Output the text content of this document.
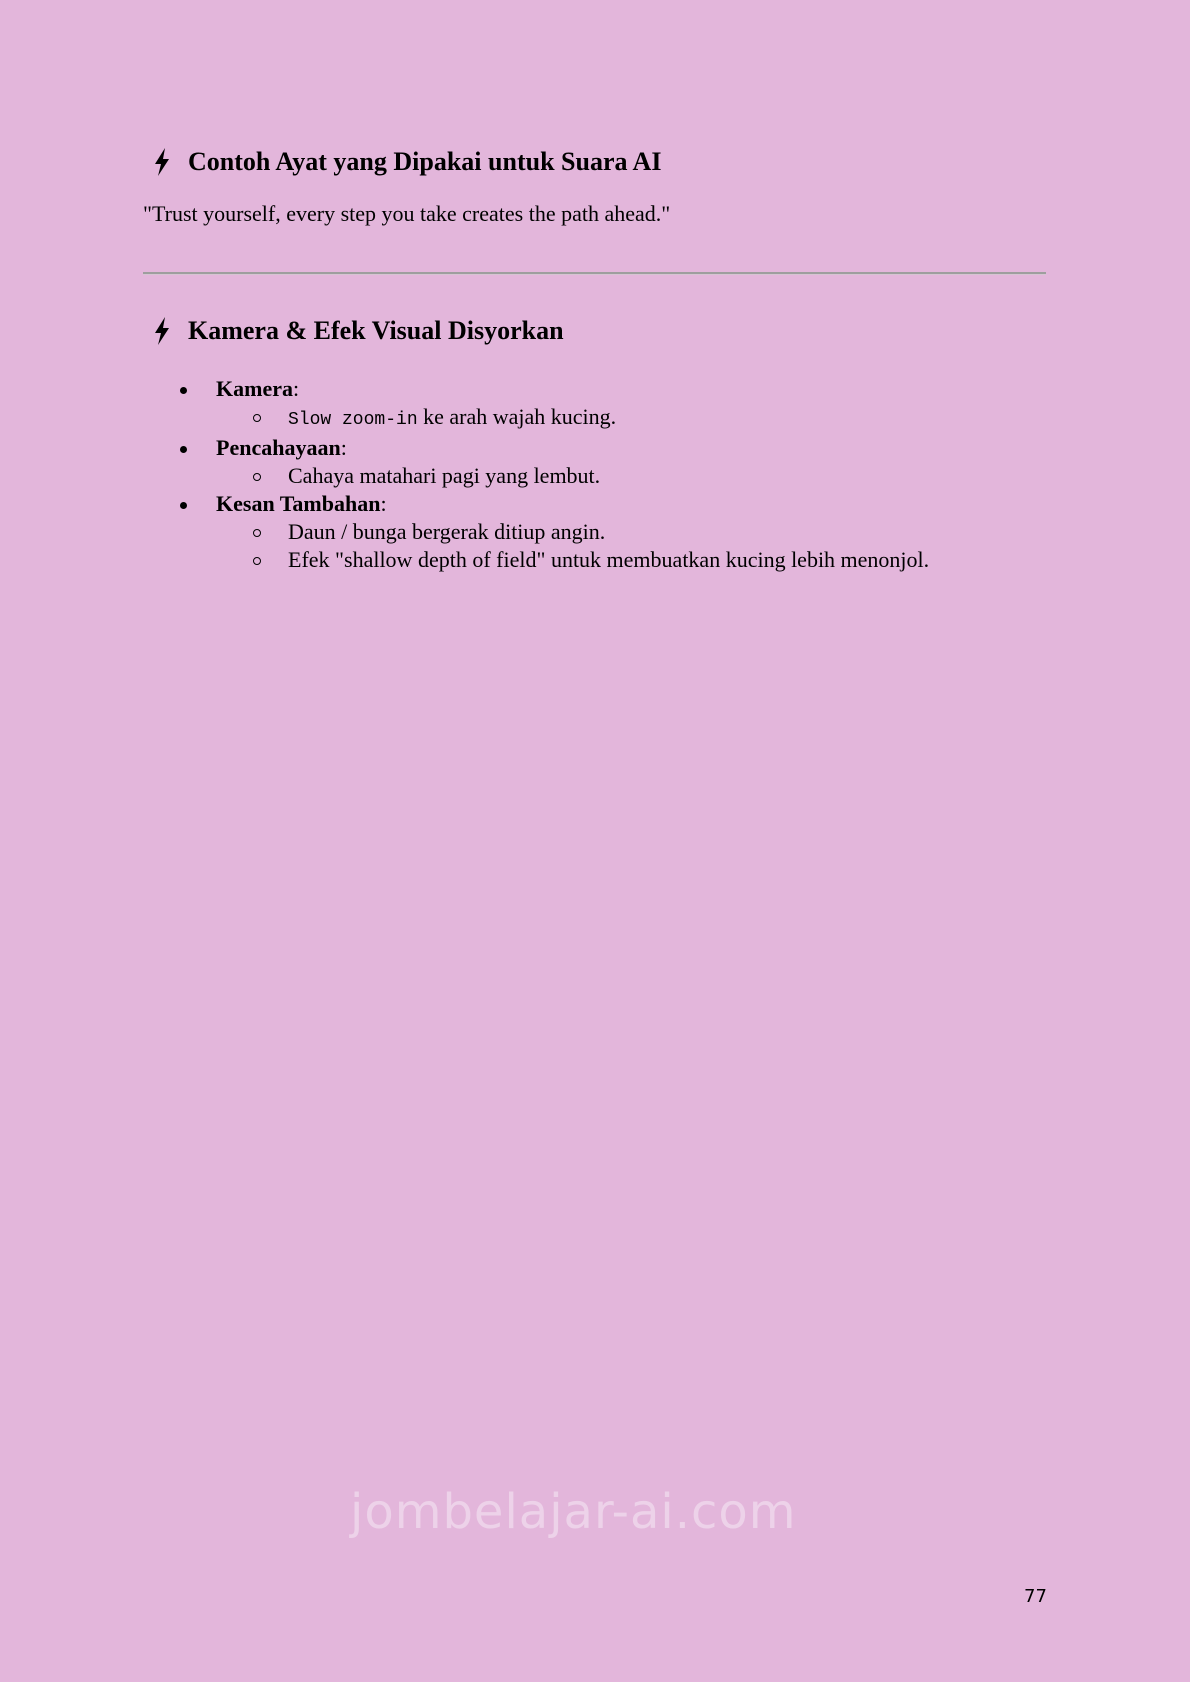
Contoh Ayat yang Dipakai untuk Suara AI

"Trust yourself, every step you take creates the path ahead."

Kamera & Efek Visual Disyorkan
Kamera:
Slow zoom-in ke arah wajah kucing.
Pencahayaan:
Cahaya matahari pagi yang lembut.
Kesan Tambahan:
Daun / bunga bergerak ditiup angin.
Efek "shallow depth of field" untuk membuatkan kucing lebih menonjol.
jombelajar-ai.com
77
